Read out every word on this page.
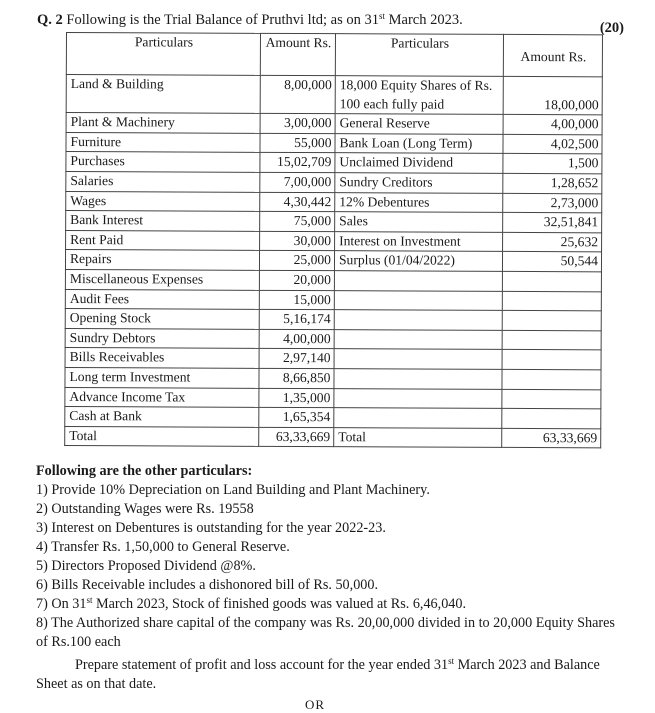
Q. 2 Following is the Trial Balance of Pruthvi ltd; as on 31st March 2023.	(20)
Particulars	Amount Rs.	Particulars	Amount Rs.
Land & Building	8,00,000	18,000 Equity Shares of Rs. 100 each fully paid	18,00,000
Plant & Machinery	3,00,000	General Reserve	4,00,000
Furniture	55,000	Bank Loan (Long Term)	4,02,500
Purchases	15,02,709	Unclaimed Dividend	1,500
Salaries	7,00,000	Sundry Creditors	1,28,652
Wages	4,30,442	12% Debentures	2,73,000
Bank Interest	75,000	Sales	32,51,841
Rent Paid	30,000	Interest on Investment	25,632
Repairs	25,000	Surplus (01/04/2022)	50,544
Miscellaneous Expenses	20,000		
Audit Fees	15,000		
Opening Stock	5,16,174		
Sundry Debtors	4,00,000		
Bills Receivables	2,97,140		
Long term Investment	8,66,850		
Advance Income Tax	1,35,000		
Cash at Bank	1,65,354		
Total	63,33,669	Total	63,33,669
Following are the other particulars:
1) Provide 10% Depreciation on Land Building and Plant Machinery.
2) Outstanding Wages were Rs. 19558
3) Interest on Debentures is outstanding for the year 2022-23.
4) Transfer Rs. 1,50,000 to General Reserve.
5) Directors Proposed Dividend @8%.
6) Bills Receivable includes a dishonored bill of Rs. 50,000.
7) On 31st March 2023, Stock of finished goods was valued at Rs. 6,46,040.
8) The Authorized share capital of the company was Rs. 20,00,000 divided in to 20,000 Equity Shares of Rs.100 each
Prepare statement of profit and loss account for the year ended 31st March 2023 and Balance Sheet as on that date.
OR
